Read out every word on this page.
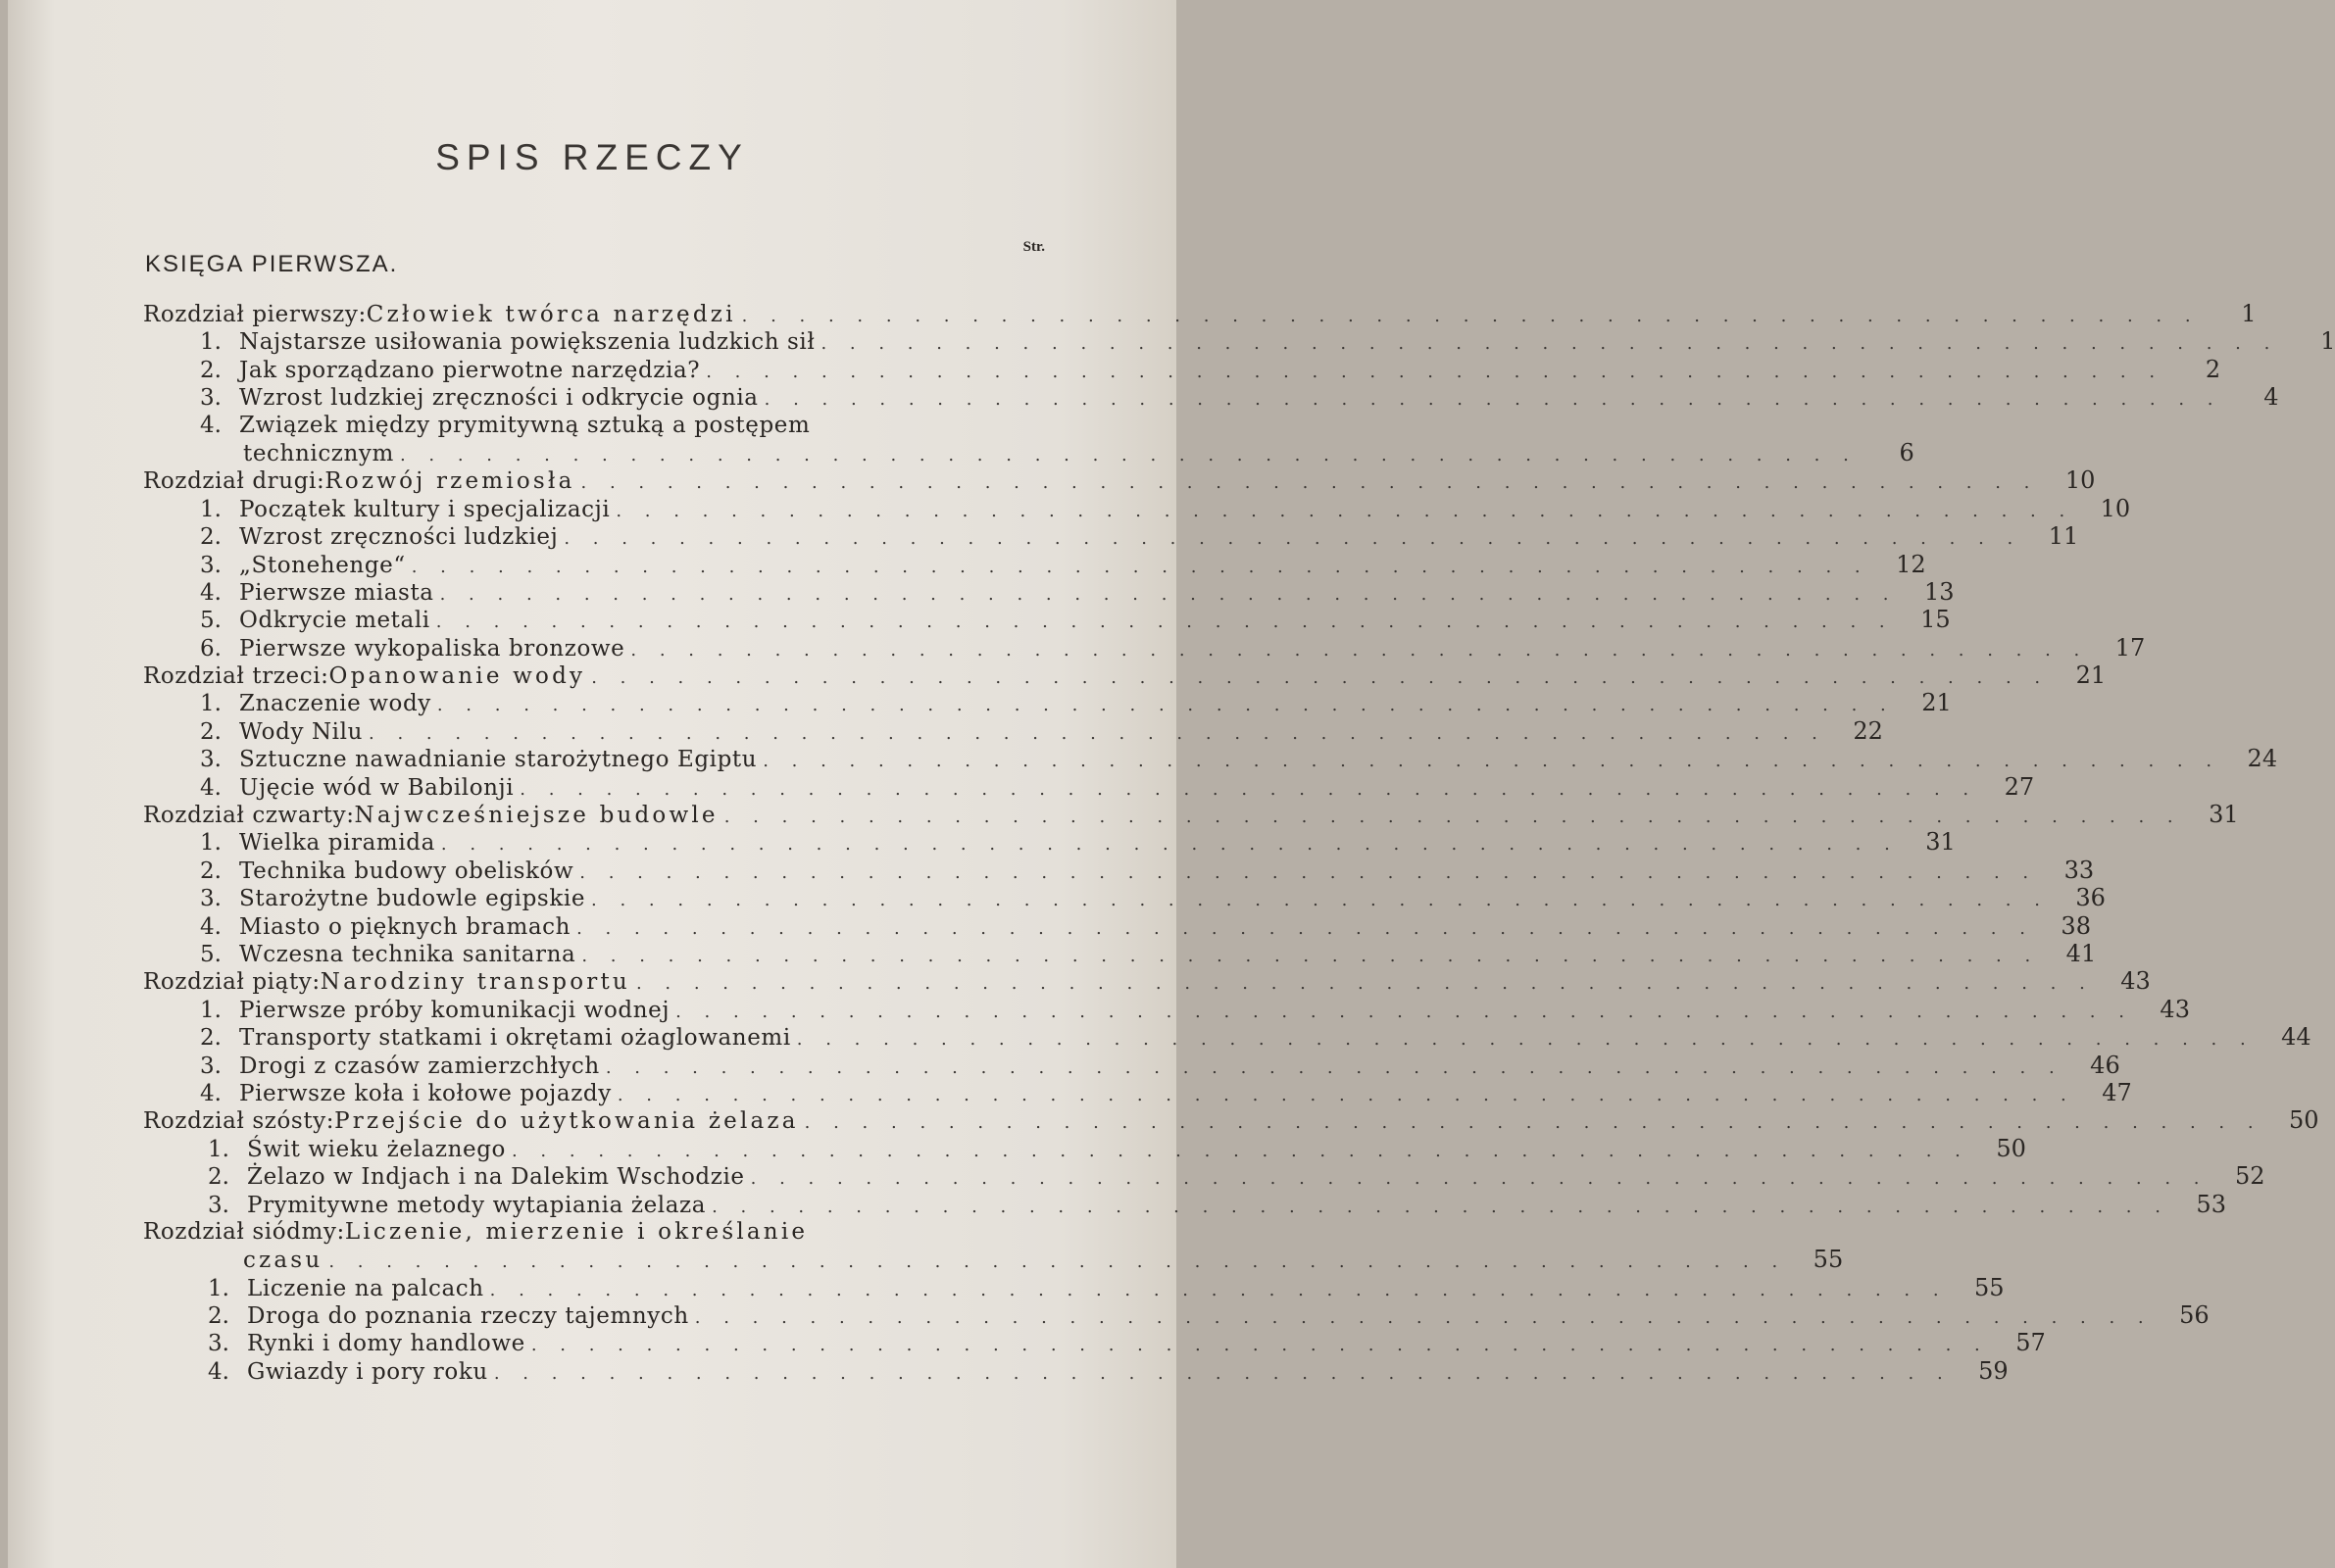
SPIS RZECZY
Str.
KSIĘGA PIERWSZA.
Rozdział pierwszy: Człowiek twórca narzędzi . . . . . . . . . . . . . . . . . . . . . . . . . . . . . . . . . . . . . . . . . . . . . . . . . . .	1
1. Najstarsze usiłowania powiększenia ludzkich sił . . . . . . . . . . . . . . . . . . . . . . . . . . . . . . . . . . . . . . . . . . . . . . . . . . .	1
2. Jak sporządzano pierwotne narzędzia? . . . . . . . . . . . . . . . . . . . . . . . . . . . . . . . . . . . . . . . . . . . . . . . . . . .	2
3. Wzrost ludzkiej zręczności i odkrycie ognia . . . . . . . . . . . . . . . . . . . . . . . . . . . . . . . . . . . . . . . . . . . . . . . . . . .	4
4. Związek między prymitywną sztuką a postępem
technicznym . . . . . . . . . . . . . . . . . . . . . . . . . . . . . . . . . . . . . . . . . . . . . . . . . . .	6
Rozdział drugi: Rozwój rzemiosła . . . . . . . . . . . . . . . . . . . . . . . . . . . . . . . . . . . . . . . . . . . . . . . . . . .	10
1. Początek kultury i specjalizacji . . . . . . . . . . . . . . . . . . . . . . . . . . . . . . . . . . . . . . . . . . . . . . . . . . .	10
2. Wzrost zręczności ludzkiej . . . . . . . . . . . . . . . . . . . . . . . . . . . . . . . . . . . . . . . . . . . . . . . . . . .	11
3. „Stonehenge“ . . . . . . . . . . . . . . . . . . . . . . . . . . . . . . . . . . . . . . . . . . . . . . . . . . .	12
4. Pierwsze miasta . . . . . . . . . . . . . . . . . . . . . . . . . . . . . . . . . . . . . . . . . . . . . . . . . . .	13
5. Odkrycie metali . . . . . . . . . . . . . . . . . . . . . . . . . . . . . . . . . . . . . . . . . . . . . . . . . . .	15
6. Pierwsze wykopaliska bronzowe . . . . . . . . . . . . . . . . . . . . . . . . . . . . . . . . . . . . . . . . . . . . . . . . . . .	17
Rozdział trzeci: Opanowanie wody . . . . . . . . . . . . . . . . . . . . . . . . . . . . . . . . . . . . . . . . . . . . . . . . . . .	21
1. Znaczenie wody . . . . . . . . . . . . . . . . . . . . . . . . . . . . . . . . . . . . . . . . . . . . . . . . . . .	21
2. Wody Nilu . . . . . . . . . . . . . . . . . . . . . . . . . . . . . . . . . . . . . . . . . . . . . . . . . . .	22
3. Sztuczne nawadnianie starożytnego Egiptu . . . . . . . . . . . . . . . . . . . . . . . . . . . . . . . . . . . . . . . . . . . . . . . . . . .	24
4. Ujęcie wód w Babilonji . . . . . . . . . . . . . . . . . . . . . . . . . . . . . . . . . . . . . . . . . . . . . . . . . . .	27
Rozdział czwarty: Najwcześniejsze budowle . . . . . . . . . . . . . . . . . . . . . . . . . . . . . . . . . . . . . . . . . . . . . . . . . . .	31
1. Wielka piramida . . . . . . . . . . . . . . . . . . . . . . . . . . . . . . . . . . . . . . . . . . . . . . . . . . .	31
2. Technika budowy obelisków . . . . . . . . . . . . . . . . . . . . . . . . . . . . . . . . . . . . . . . . . . . . . . . . . . .	33
3. Starożytne budowle egipskie . . . . . . . . . . . . . . . . . . . . . . . . . . . . . . . . . . . . . . . . . . . . . . . . . . .	36
4. Miasto o pięknych bramach . . . . . . . . . . . . . . . . . . . . . . . . . . . . . . . . . . . . . . . . . . . . . . . . . . .	38
5. Wczesna technika sanitarna . . . . . . . . . . . . . . . . . . . . . . . . . . . . . . . . . . . . . . . . . . . . . . . . . . .	41
Rozdział piąty: Narodziny transportu . . . . . . . . . . . . . . . . . . . . . . . . . . . . . . . . . . . . . . . . . . . . . . . . . . .	43
1. Pierwsze próby komunikacji wodnej . . . . . . . . . . . . . . . . . . . . . . . . . . . . . . . . . . . . . . . . . . . . . . . . . . .	43
2. Transporty statkami i okrętami ożaglowanemi . . . . . . . . . . . . . . . . . . . . . . . . . . . . . . . . . . . . . . . . . . . . . . . . . . .	44
3. Drogi z czasów zamierzchłych . . . . . . . . . . . . . . . . . . . . . . . . . . . . . . . . . . . . . . . . . . . . . . . . . . .	46
4. Pierwsze koła i kołowe pojazdy . . . . . . . . . . . . . . . . . . . . . . . . . . . . . . . . . . . . . . . . . . . . . . . . . . .	47
Rozdział szósty: Przejście do użytkowania żelaza . . . . . . . . . . . . . . . . . . . . . . . . . . . . . . . . . . . . . . . . . . . . . . . . . . .	50
1. Świt wieku żelaznego . . . . . . . . . . . . . . . . . . . . . . . . . . . . . . . . . . . . . . . . . . . . . . . . . . .	50
2. Żelazo w Indjach i na Dalekim Wschodzie . . . . . . . . . . . . . . . . . . . . . . . . . . . . . . . . . . . . . . . . . . . . . . . . . . .	52
3. Prymitywne metody wytapiania żelaza . . . . . . . . . . . . . . . . . . . . . . . . . . . . . . . . . . . . . . . . . . . . . . . . . . .	53
Rozdział siódmy: Liczenie, mierzenie i określanie
czasu . . . . . . . . . . . . . . . . . . . . . . . . . . . . . . . . . . . . . . . . . . . . . . . . . . .	55
1. Liczenie na palcach . . . . . . . . . . . . . . . . . . . . . . . . . . . . . . . . . . . . . . . . . . . . . . . . . . .	55
2. Droga do poznania rzeczy tajemnych . . . . . . . . . . . . . . . . . . . . . . . . . . . . . . . . . . . . . . . . . . . . . . . . . . .	56
3. Rynki i domy handlowe . . . . . . . . . . . . . . . . . . . . . . . . . . . . . . . . . . . . . . . . . . . . . . . . . . .	57
4. Gwiazdy i pory roku . . . . . . . . . . . . . . . . . . . . . . . . . . . . . . . . . . . . . . . . . . . . . . . . . . .	59
